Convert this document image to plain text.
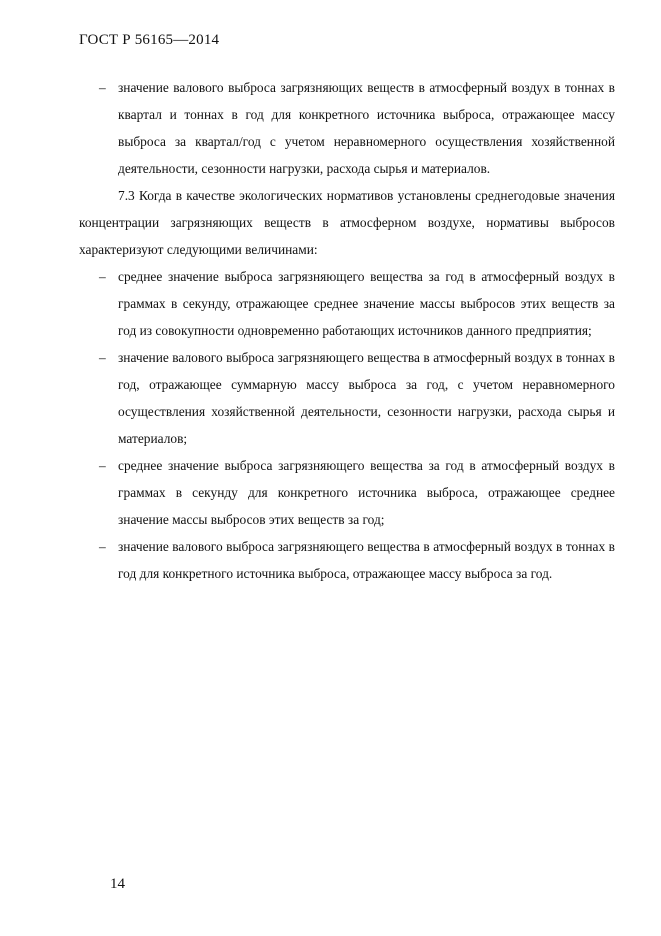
ГОСТ Р 56165—2014
– значение валового выброса загрязняющих веществ в атмосферный воздух в тоннах в квартал и тоннах в год для конкретного источника выброса, отражающее массу выброса за квартал/год с учетом неравномерного осуществления хозяйственной деятельности, сезонности нагрузки, расхода сырья и материалов.
7.3 Когда в качестве экологических нормативов установлены среднегодовые значения концентрации загрязняющих веществ в атмосферном воздухе, нормативы выбросов характеризуют следующими величинами:
– среднее значение выброса загрязняющего вещества за год в атмосферный воздух в граммах в секунду, отражающее среднее значение массы выбросов этих веществ за год из совокупности одновременно работающих источников данного предприятия;
– значение валового выброса загрязняющего вещества в атмосферный воздух в тоннах в год, отражающее суммарную массу выброса за год, с учетом неравномерного осуществления хозяйственной деятельности, сезонности нагрузки, расхода сырья и материалов;
– среднее значение выброса загрязняющего вещества за год в атмосферный воздух в граммах в секунду для конкретного источника выброса, отражающее среднее значение массы выбросов этих веществ за год;
– значение валового выброса загрязняющего вещества в атмосферный воздух в тоннах в год для конкретного источника выброса, отражающее массу выброса за год.
14
